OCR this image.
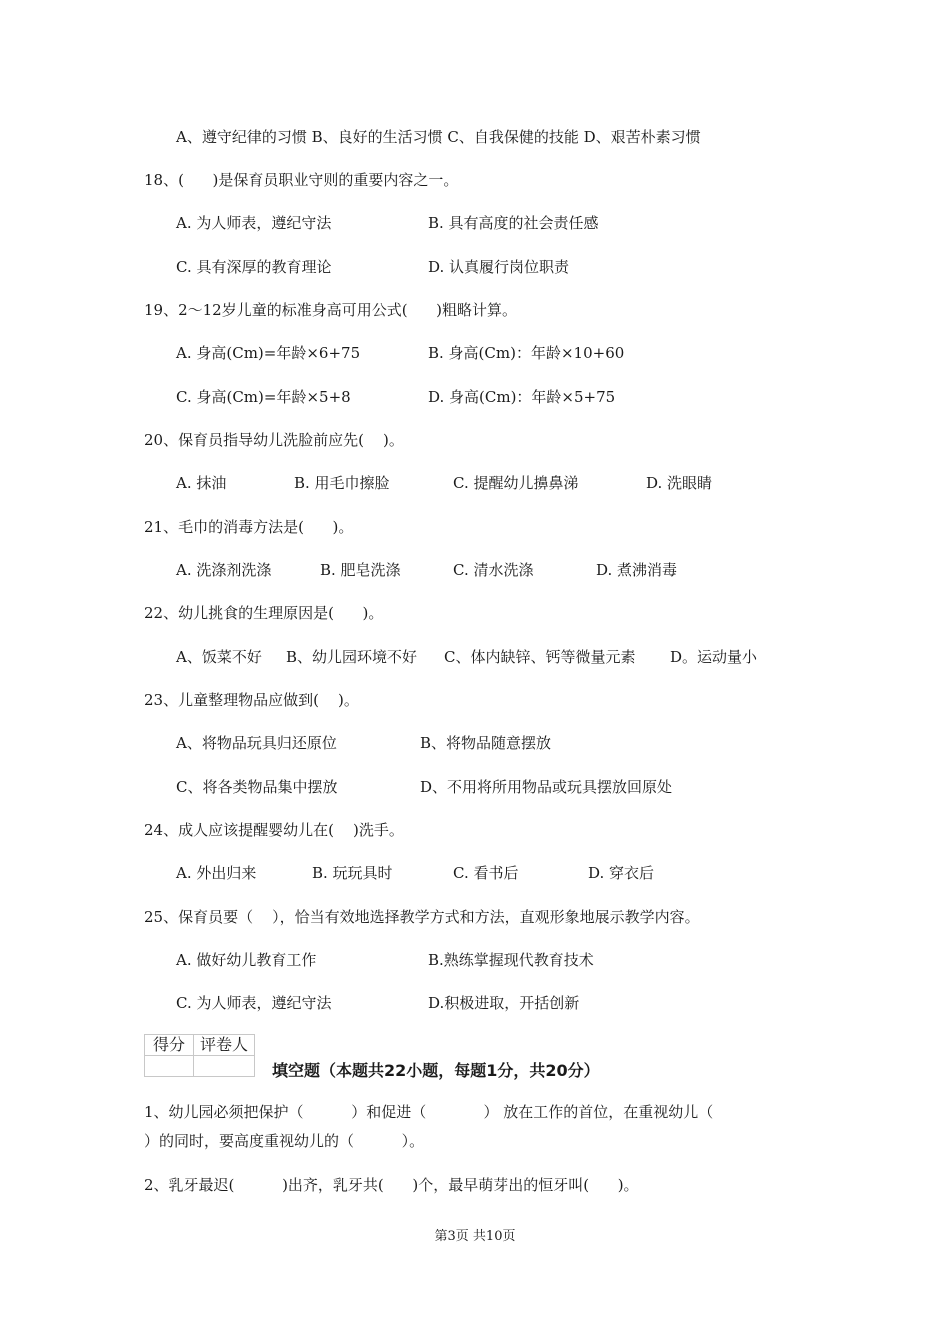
A、遵守纪律的习惯 B、良好的生活习惯 C、自我保健的技能 D、艰苦朴素习惯
18、(      )是保育员职业守则的重要内容之一。
A. 为人师表，遵纪守法	B. 具有高度的社会责任感
C. 具有深厚的教育理论	D. 认真履行岗位职责
19、2～12岁儿童的标准身高可用公式(      )粗略计算。
A. 身高(Cm)=年龄×6+75	B. 身高(Cm)：年龄×10+60
C. 身高(Cm)=年龄×5+8	D. 身高(Cm)：年龄×5+75
20、保育员指导幼儿洗脸前应先(    )。
A. 抹油	B. 用毛巾擦脸	C. 提醒幼儿擤鼻涕	D. 洗眼睛
21、毛巾的消毒方法是(      )。
A. 洗涤剂洗涤	B. 肥皂洗涤	C. 清水洗涤	D. 煮沸消毒
22、幼儿挑食的生理原因是(      )。
A、饭菜不好 B、幼儿园环境不好 C、体内缺锌、钙等微量元素 D。运动量小
23、儿童整理物品应做到(    )。
A、将物品玩具归还原位	B、将物品随意摆放
C、将各类物品集中摆放	D、不用将所用物品或玩具摆放回原处
24、成人应该提醒婴幼儿在(    )洗手。
A. 外出归来	B. 玩玩具时	C. 看书后	D. 穿衣后
25、保育员要（    ），恰当有效地选择教学方式和方法，直观形象地展示教学内容。
A. 做好幼儿教育工作	B.熟练掌握现代教育技术
C. 为人师表，遵纪守法	D.积极进取，开括创新
得分	评卷人

填空题（本题共22小题，每题1分，共20分）
1、幼儿园必须把保护（          ）和促进（            ） 放在工作的首位，在重视幼儿（
）的同时，要高度重视幼儿的（          ）。
2、乳牙最迟(          )出齐，乳牙共(      )个，最早萌芽出的恒牙叫(      )。
第3页 共10页
